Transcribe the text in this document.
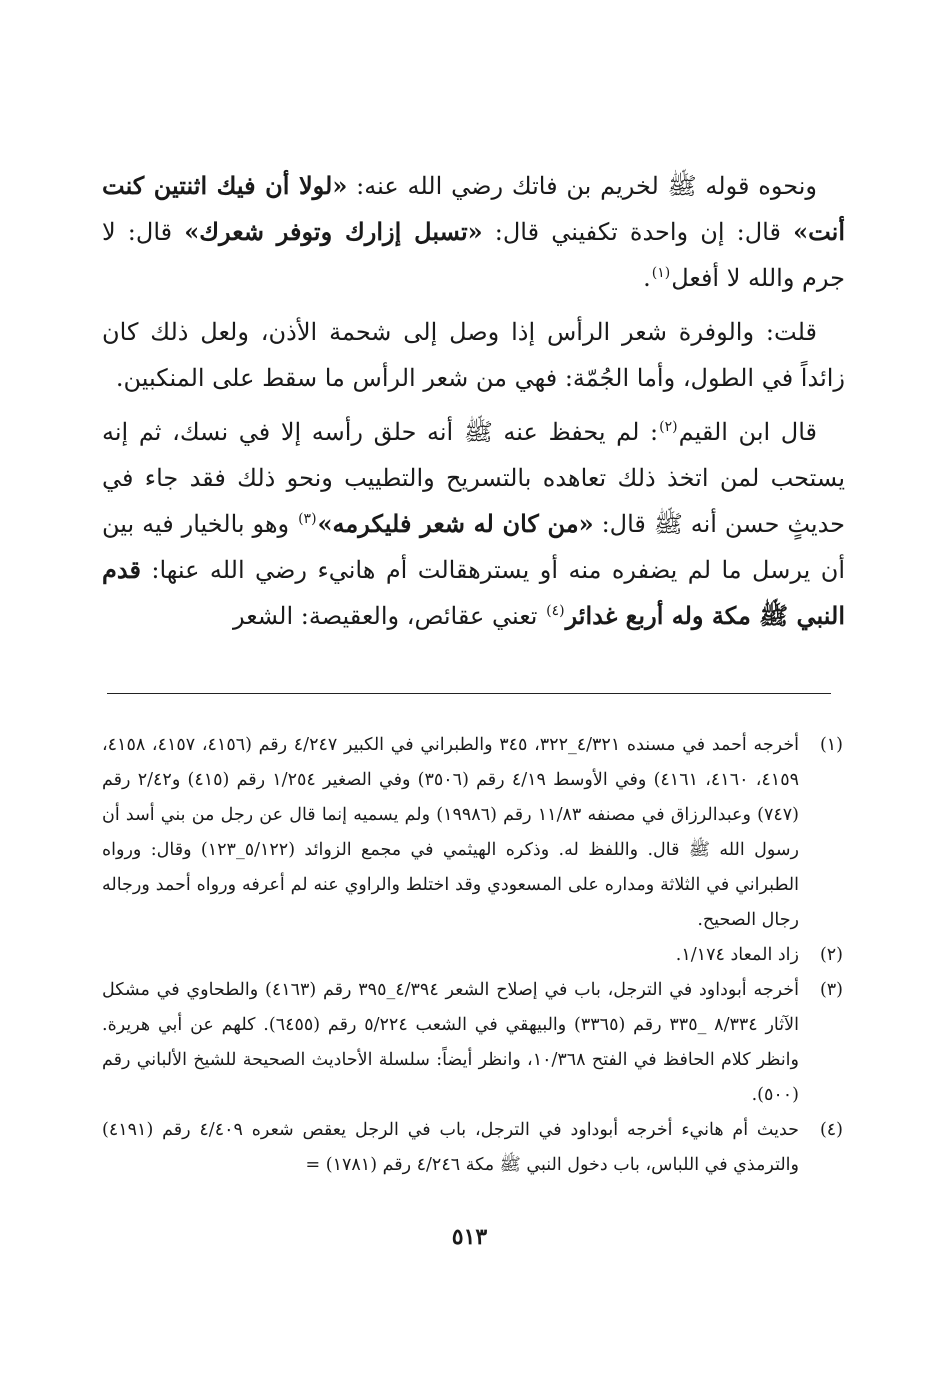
ونحوه قوله ﷺ لخريم بن فاتك رضي الله عنه: «لولا أن فيك اثنتين كنت أنت» قال: إن واحدة تكفيني قال: «تسبل إزارك وتوفر شعرك» قال: لا جرم والله لا أفعل$^{(١)}$.

قلت: والوفرة شعر الرأس إذا وصل إلى شحمة الأذن، ولعل ذلك كان زائداً في الطول، وأما الجُمّة: فهي من شعر الرأس ما سقط على المنكبين.

قال ابن القيم$^{(٢)}$: لم يحفظ عنه ﷺ أنه حلق رأسه إلا في نسك، ثم إنه يستحب لمن اتخذ ذلك تعاهده بالتسريح والتطييب ونحو ذلك فقد جاء في حديثٍ حسن أنه ﷺ قال: «من كان له شعر فليكرمه»$^{(٣)}$ وهو بالخيار فيه بين أن يرسل ما لم يضفره منه أو يسترهقالت أم هانيء رضي الله عنها: قدم النبي ﷺ مكة وله أربع غدائر$^{(٤)}$ تعني عقائص، والعقيصة: الشعر

(١)
أخرجه أحمد في مسنده ٤/٣٢١_٣٢٢، ٣٤٥ والطبراني في الكبير ٤/٢٤٧ رقم (٤١٥٦، ٤١٥٧، ٤١٥٨، ٤١٥٩، ٤١٦٠، ٤١٦١) وفي الأوسط ٤/١٩ رقم (٣٥٠٦) وفي الصغير ١/٢٥٤ رقم (٤١٥) و٢/٤٢ رقم (٧٤٧) وعبدالرزاق في مصنفه ١١/٨٣ رقم (١٩٩٨٦) ولم يسميه إنما قال عن رجل من بني أسد أن رسول الله ﷺ قال. واللفظ له. وذكره الهيثمي في مجمع الزوائد (٥/١٢٢_١٢٣) وقال: ورواه الطبراني في الثلاثة ومداره على المسعودي وقد اختلط والراوي عنه لم أعرفه ورواه أحمد ورجاله رجال الصحيح.
(٢)
زاد المعاد ١/١٧٤.
(٣)
أخرجه أبوداود في الترجل، باب في إصلاح الشعر ٤/٣٩٤_٣٩٥ رقم (٤١٦٣) والطحاوي في مشكل الآثار ٨/٣٣٤ _٣٣٥ رقم (٣٣٦٥) والبيهقي في الشعب ٥/٢٢٤ رقم (٦٤٥٥). كلهم عن أبي هريرة. وانظر كلام الحافظ في الفتح ١٠/٣٦٨، وانظر أيضاً: سلسلة الأحاديث الصحيحة للشيخ الألباني رقم (٥٠٠).
(٤)
حديث أم هانيء أخرجه أبوداود في الترجل، باب في الرجل يعقص شعره ٤/٤٠٩ رقم (٤١٩١) والترمذي في اللباس، باب دخول النبي ﷺ مكة ٤/٢٤٦ رقم (١٧٨١) =
٥١٣
